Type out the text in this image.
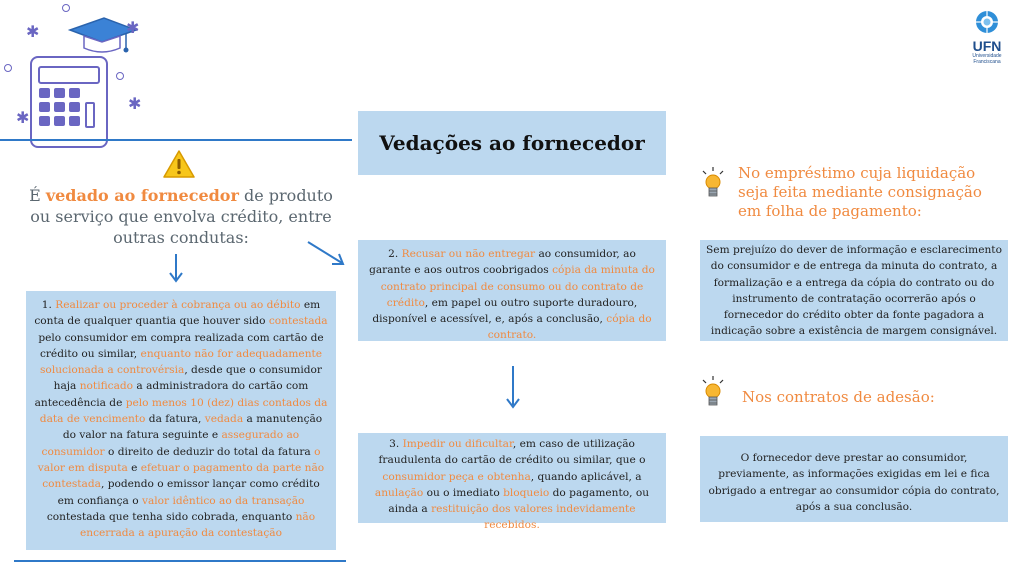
✱	✱
✱
✱
É vedado ao fornecedor de produto ou serviço que envolva crédito, entre outras condutas:
1. Realizar ou proceder à cobrança ou ao débito em conta de qualquer quantia que houver sido contestada pelo consumidor em compra realizada com cartão de crédito ou similar, enquanto não for adequadamente solucionada a controvérsia, desde que o consumidor haja notificado a administradora do cartão com antecedência de pelo menos 10 (dez) dias contados da data de vencimento da fatura, vedada a manutenção do valor na fatura seguinte e assegurado ao consumidor o direito de deduzir do total da fatura o valor em disputa e efetuar o pagamento da parte não contestada, podendo o emissor lançar como crédito em confiança o valor idêntico ao da transação contestada que tenha sido cobrada, enquanto não encerrada a apuração da contestação
Vedações ao fornecedor
2. Recusar ou não entregar ao consumidor, ao garante e aos outros coobrigados cópia da minuta do contrato principal de consumo ou do contrato de crédito, em papel ou outro suporte duradouro, disponível e acessível, e, após a conclusão, cópia do contrato.
3. Impedir ou dificultar, em caso de utilização fraudulenta do cartão de crédito ou similar, que o consumidor peça e obtenha, quando aplicável, a anulação ou o imediato bloqueio do pagamento, ou ainda a restituição dos valores indevidamente recebidos.
No empréstimo cuja liquidação seja feita mediante consignação em folha de pagamento:
Sem prejuízo do dever de informação e esclarecimento do consumidor e de entrega da minuta do contrato, a formalização e a entrega da cópia do contrato ou do instrumento de contratação ocorrerão após o fornecedor do crédito obter da fonte pagadora a indicação sobre a existência de margem consignável.
Nos contratos de adesão:
O fornecedor deve prestar ao consumidor, previamente, as informações exigidas em lei e fica obrigado a entregar ao consumidor cópia do contrato, após a sua conclusão.
UFN
Universidade
Franciscana
